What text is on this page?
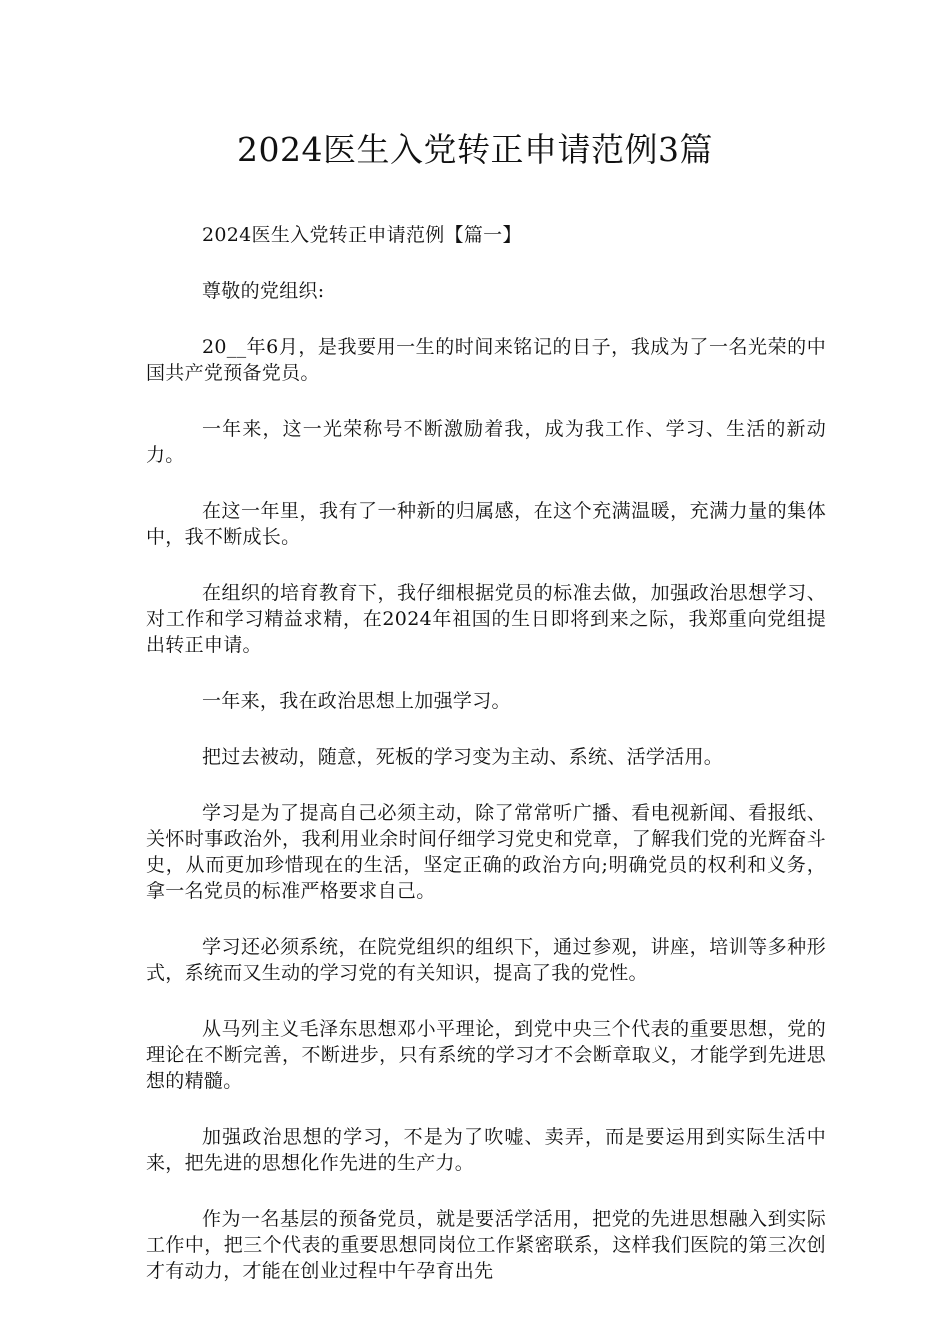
2024医生入党转正申请范例3篇

2024医生入党转正申请范例【篇一】

尊敬的党组织:

20__年6月，是我要用一生的时间来铭记的日子，我成为了一名光荣的中国共产党预备党员。

一年来，这一光荣称号不断激励着我，成为我工作、学习、生活的新动力。

在这一年里，我有了一种新的归属感，在这个充满温暖，充满力量的集体中，我不断成长。

在组织的培育教育下，我仔细根据党员的标准去做，加强政治思想学习、对工作和学习精益求精，在2024年祖国的生日即将到来之际，我郑重向党组提出转正申请。

一年来，我在政治思想上加强学习。

把过去被动，随意，死板的学习变为主动、系统、活学活用。

学习是为了提高自己必须主动，除了常常听广播、看电视新闻、看报纸、关怀时事政治外，我利用业余时间仔细学习党史和党章，了解我们党的光辉奋斗史，从而更加珍惜现在的生活，坚定正确的政治方向;明确党员的权利和义务，拿一名党员的标准严格要求自己。

学习还必须系统，在院党组织的组织下，通过参观，讲座，培训等多种形式，系统而又生动的学习党的有关知识，提高了我的党性。

从马列主义毛泽东思想邓小平理论，到党中央三个代表的重要思想，党的理论在不断完善，不断进步，只有系统的学习才不会断章取义，才能学到先进思想的精髓。

加强政治思想的学习，不是为了吹嘘、卖弄，而是要运用到实际生活中来，把先进的思想化作先进的生产力。

作为一名基层的预备党员，就是要活学活用，把党的先进思想融入到实际工作中，把三个代表的重要思想同岗位工作紧密联系，这样我们医院的第三次创才有动力，才能在创业过程中午孕育出先
